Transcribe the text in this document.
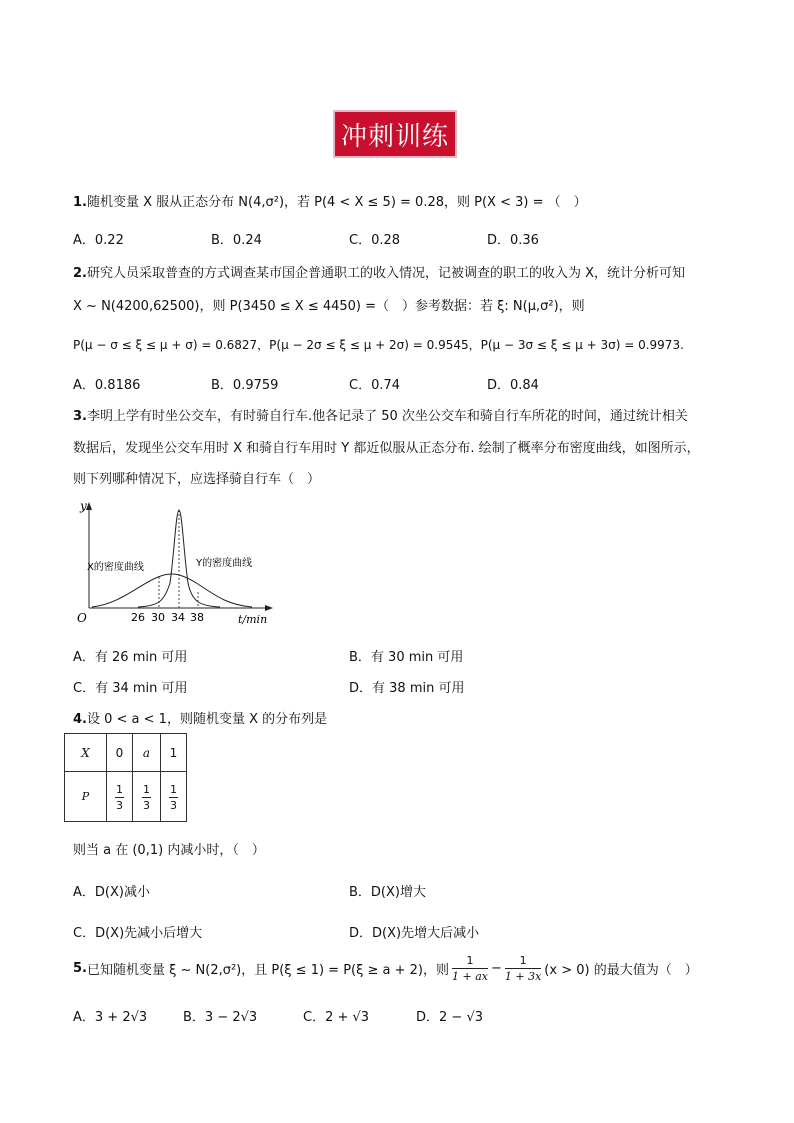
冲刺训练
1.随机变量 X 服从正态分布 N(4,σ²)，若 P(4 < X ≤ 5) = 0.28，则 P(X < 3) = （　）
A．0.22	B．0.24	C．0.28	D．0.36
2.研究人员采取普查的方式调查某市国企普通职工的收入情况，记被调查的职工的收入为 X，统计分析可知
X ~ N(4200,62500)，则 P(3450 ≤ X ≤ 4450) =（　）参考数据：若 ξ: N(μ,σ²)，则
P(μ − σ ≤ ξ ≤ μ + σ) = 0.6827，P(μ − 2σ ≤ ξ ≤ μ + 2σ) = 0.9545，P(μ − 3σ ≤ ξ ≤ μ + 3σ) = 0.9973.
A．0.8186	B．0.9759	C．0.74	D．0.84
3.李明上学有时坐公交车，有时骑自行车.他各记录了 50 次坐公交车和骑自行车所花的时间，通过统计相关
数据后，发现坐公交车用时 X 和骑自行车用时 Y 都近似服从正态分布. 绘制了概率分布密度曲线，如图所示，
则下列哪种情况下，应选择骑自行车（　）
y
O	t/min
X的密度曲线	Y的密度曲线
26 30 34 38
A．有 26 min 可用	B．有 30 min 可用
C．有 34 min 可用	D．有 38 min 可用
4.设 0 < a < 1，则随机变量 X 的分布列是
X	0	a	1
P	$\frac{1}{3}$	$\frac{1}{3}$	$\frac{1}{3}$
则当 a 在 (0,1) 内减小时，（　）
A．D(X)减小	B．D(X)增大
C．D(X)先减小后增大	D．D(X)先增大后减小
5. 已知随机变量 ξ ~ N(2,σ²)，且 P(ξ ≤ 1) = P(ξ ≥ a + 2)，则
1
1 + ax
−
1
1 + 3x (x > 0) 的最大值为（　）
A．3 + 2√3	B．3 − 2√3	C．2 + √3	D．2 − √3
